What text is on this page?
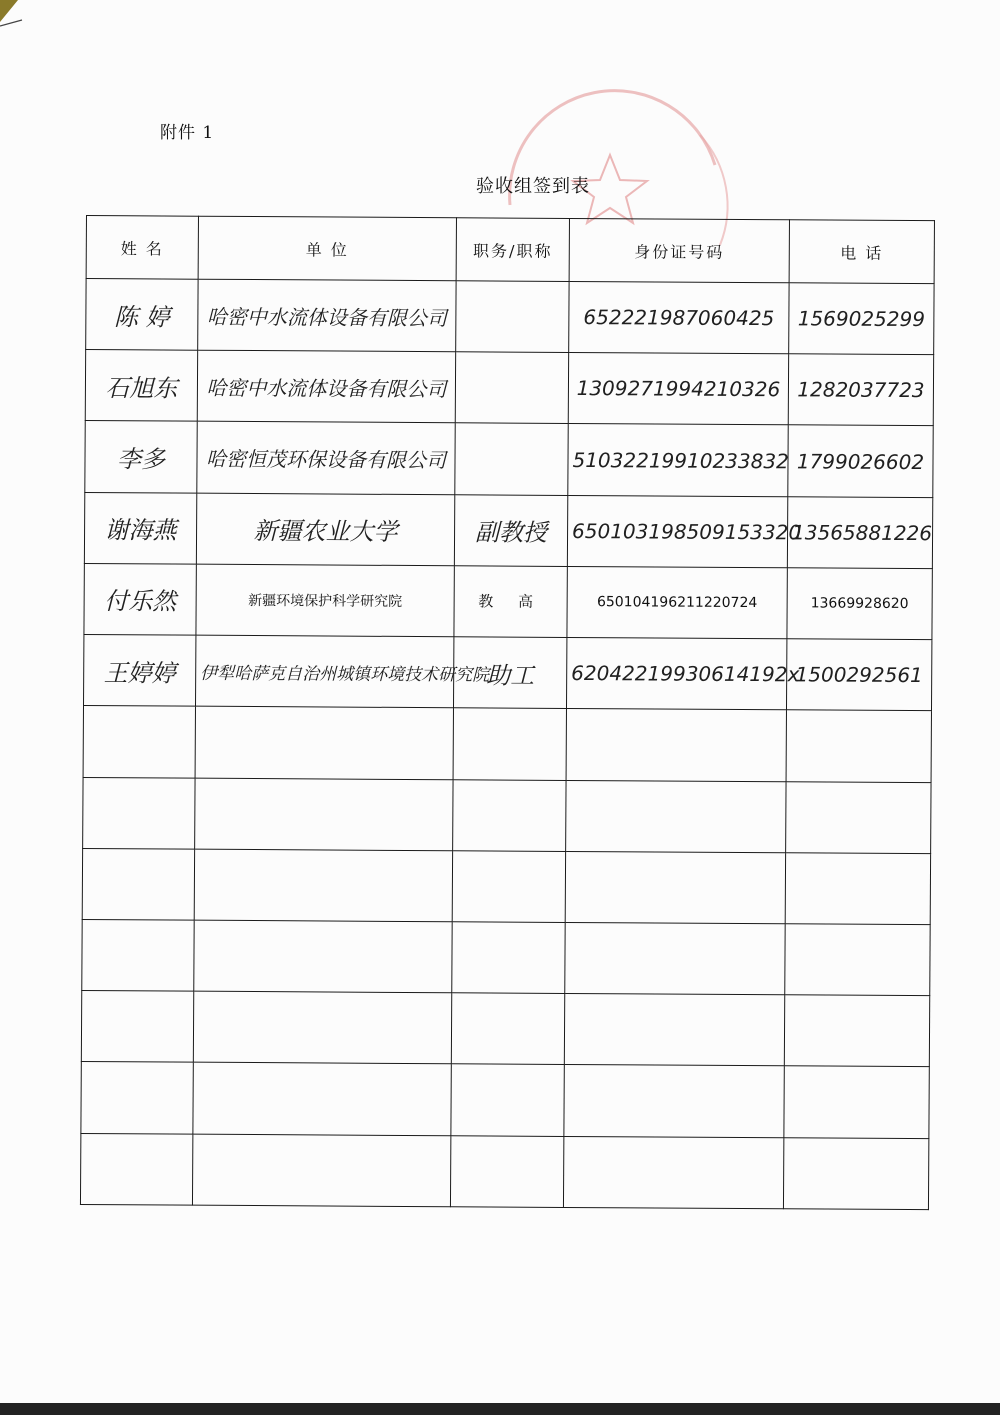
附件 1
验收组签到表
姓 名	单 位	职务/职称	身份证号码	电 话
陈 婷	哈密中水流体设备有限公司		652221987060425	1569025299
石旭东	哈密中水流体设备有限公司		1309271994210326	1282037723
李多	哈密恒茂环保设备有限公司		51032219910233832	1799026602
谢海燕	新疆农业大学	副教授	650103198509153320	13565881226
付乐然	新疆环境保护科学研究院	教 高	650104196211220724	13669928620
王婷婷	伊犁哈萨克自治州城镇环境技术研究院	助工	62042219930614192x	1500292561
